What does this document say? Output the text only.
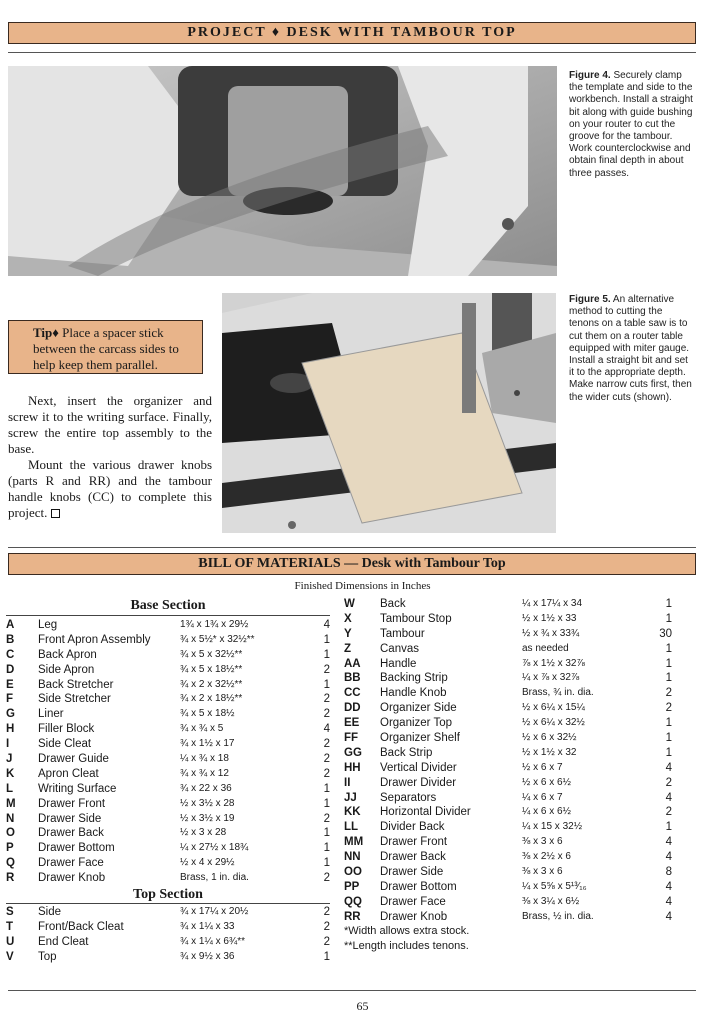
PROJECT ♦ DESK WITH TAMBOUR TOP
Figure 4. Securely clamp the template and side to the workbench. Install a straight bit along with guide bushing on your router to cut the groove for the tambour. Work counterclockwise and obtain final depth in about three passes.
Figure 5. An alternative method to cutting the tenons on a table saw is to cut them on a router table equipped with miter gauge. Install a straight bit and set it to the appropriate depth. Make narrow cuts first, then the wider cuts (shown).
Tip♦ Place a spacer stick between the carcass sides to help keep them parallel.

Next, insert the organizer and screw it to the writing surface. Finally, screw the entire top assembly to the base.

Mount the various drawer knobs (parts R and RR) and the tambour handle knobs (CC) to complete this project.

BILL OF MATERIALS — Desk with Tambour Top
Finished Dimensions in Inches
Base Section
Top Section
A Leg	1¾ x 1¾ x 29½	4
B Front Apron Assembly	¾ x 5½* x 32½**	1
C Back Apron	¾ x 5 x 32½**	1
D Side Apron	¾ x 5 x 18½**	2
E Back Stretcher	¾ x 2 x 32½**	1
F Side Stretcher	¾ x 2 x 18½**	2
G Liner	¾ x 5 x 18½	2
H Filler Block	¾ x ¾ x 5	4
I	Side Cleat	¾ x 1½ x 17	2
J Drawer Guide	¼ x ¾ x 18	2
K Apron Cleat	¾ x ¾ x 12	2
L Writing Surface	¾ x 22 x 36	1
M Drawer Front	½ x 3½ x 28	1
N Drawer Side	½ x 3½ x 19	2
O Drawer Back	½ x 3 x 28	1
P Drawer Bottom	¼ x 27½ x 18¾	1
Q Drawer Face	½ x 4 x 29½	1
R Drawer Knob	Brass, 1 in. dia.	2
S Side	¾ x 17¼ x 20½	2
T Front/Back Cleat	¾ x 1¼ x 33	2
U End Cleat	¾ x 1¼ x 6¾**	2
V Top	¾ x 9½ x 36	1
W Back	¼ x 17¼ x 34	1
X Tambour Stop	½ x 1½ x 33	1
Y Tambour	½ x ¾ x 33¾	30
Z	Canvas	as needed	1
AA Handle	⅞ x 1½ x 32⅞	1
BB Backing Strip	¼ x ⅞ x 32⅞	1
CC Handle Knob	Brass, ¾ in. dia.	2
DD Organizer Side	½ x 6¼ x 15¼	2
EE Organizer Top	½ x 6¼ x 32½	1
FF Organizer Shelf	½ x 6 x 32½	1
GG Back Strip	½ x 1½ x 32	1
HH Vertical Divider	½ x 6 x 7	4
II	Drawer Divider	½ x 6 x 6½	2
JJ Separators	¼ x 6 x 7	4
KK Horizontal Divider	¼ x 6 x 6½	2
LL Divider Back	¼ x 15 x 32½	1
MM Drawer Front	⅜ x 3 x 6	4
NN Drawer Back	⅜ x 2½ x 6	4
OO Drawer Side	⅜ x 3 x 6	8
PP Drawer Bottom	¼ x 5⅝ x 5¹³⁄₁₆	4
QQ Drawer Face	⅜ x 3¼ x 6½	4
RR Drawer Knob	Brass, ½ in. dia.	4
*Width allows extra stock.
**Length includes tenons.
65
